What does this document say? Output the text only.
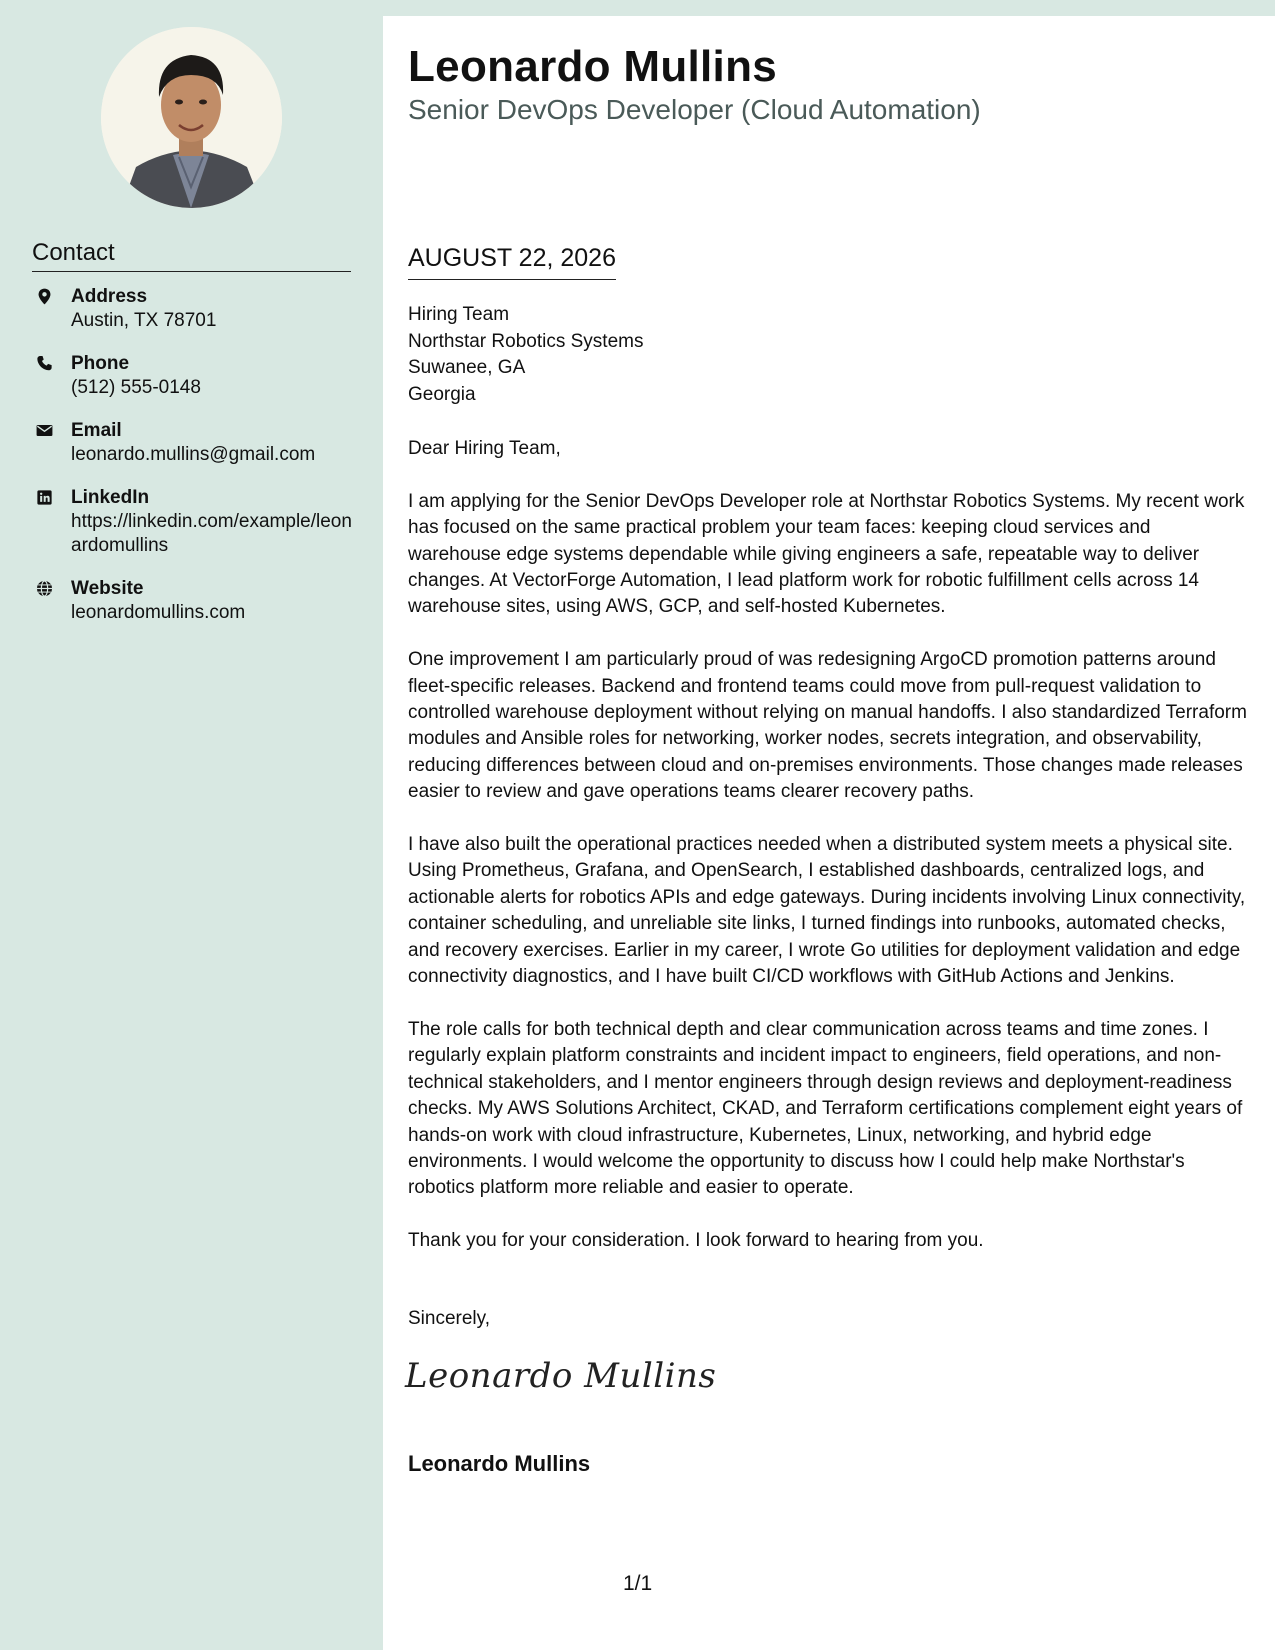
Contact
Address
Austin, TX 78701
Phone
(512) 555-0148
Email
leonardo.mullins@gmail.com
LinkedIn
https://linkedin.com/example/leonardomullins
Website
leonardomullins.com
Leonardo Mullins
Senior DevOps Developer (Cloud Automation)
AUGUST 22, 2026
Hiring Team
Northstar Robotics Systems
Suwanee, GA
Georgia
Dear Hiring Team,

I am applying for the Senior DevOps Developer role at Northstar Robotics Systems. My recent work has focused on the same practical problem your team faces: keeping cloud services and warehouse edge systems dependable while giving engineers a safe, repeatable way to deliver changes. At VectorForge Automation, I lead platform work for robotic fulfillment cells across 14 warehouse sites, using AWS, GCP, and self-hosted Kubernetes.

One improvement I am particularly proud of was redesigning ArgoCD promotion patterns around fleet-specific releases. Backend and frontend teams could move from pull-request validation to controlled warehouse deployment without relying on manual handoffs. I also standardized Terraform modules and Ansible roles for networking, worker nodes, secrets integration, and observability, reducing differences between cloud and on-premises environments. Those changes made releases easier to review and gave operations teams clearer recovery paths.

I have also built the operational practices needed when a distributed system meets a physical site. Using Prometheus, Grafana, and OpenSearch, I established dashboards, centralized logs, and actionable alerts for robotics APIs and edge gateways. During incidents involving Linux connectivity, container scheduling, and unreliable site links, I turned findings into runbooks, automated checks, and recovery exercises. Earlier in my career, I wrote Go utilities for deployment validation and edge connectivity diagnostics, and I have built CI/CD workflows with GitHub Actions and Jenkins.

The role calls for both technical depth and clear communication across teams and time zones. I regularly explain platform constraints and incident impact to engineers, field operations, and non-technical stakeholders, and I mentor engineers through design reviews and deployment-readiness checks. My AWS Solutions Architect, CKAD, and Terraform certifications complement eight years of hands-on work with cloud infrastructure, Kubernetes, Linux, networking, and hybrid edge environments. I would welcome the opportunity to discuss how I could help make Northstar's robotics platform more reliable and easier to operate.

Thank you for your consideration. I look forward to hearing from you.

Sincerely,
Leonardo Mullins
Leonardo Mullins
1/1
